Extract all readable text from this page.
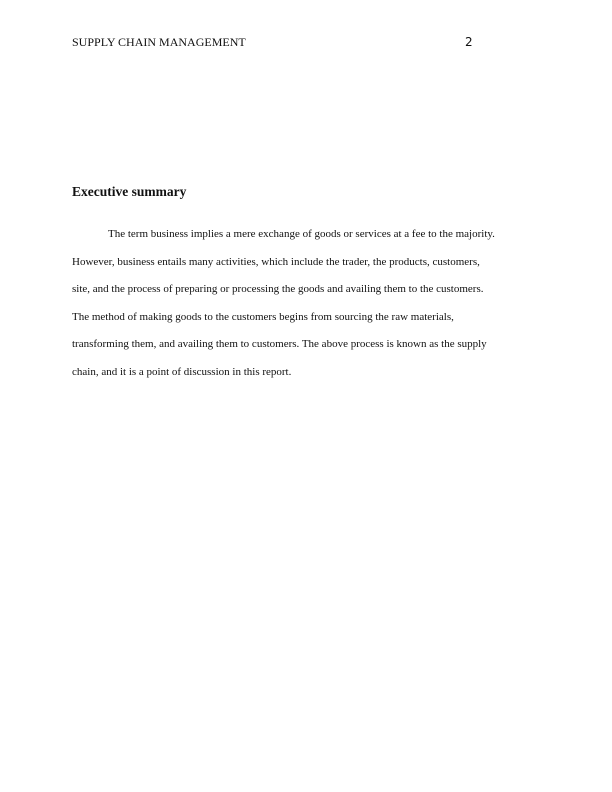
SUPPLY CHAIN MANAGEMENT	2
Executive summary
The term business implies a mere exchange of goods or services at a fee to the majority.
However, business entails many activities, which include the trader, the products, customers,
site, and the process of preparing or processing the goods and availing them to the customers.
The method of making goods to the customers begins from sourcing the raw materials,
transforming them, and availing them to customers. The above process is known as the supply
chain, and it is a point of discussion in this report.
